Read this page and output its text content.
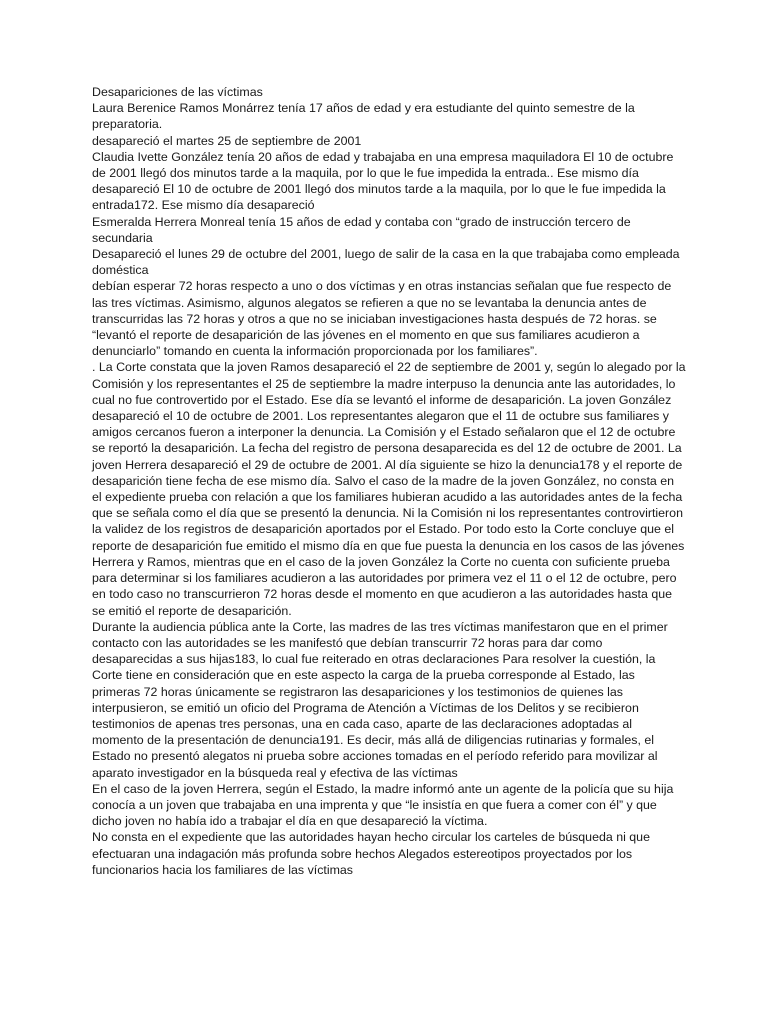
Desapariciones de las víctimas

Laura Berenice Ramos Monárrez tenía 17 años de edad y era estudiante del quinto semestre de la preparatoria.

desapareció el martes 25 de septiembre de 2001

Claudia Ivette González tenía 20 años de edad y trabajaba en una empresa maquiladora El 10 de octubre de 2001 llegó dos minutos tarde a la maquila, por lo que le fue impedida la entrada.. Ese mismo día desapareció El 10 de octubre de 2001 llegó dos minutos tarde a la maquila, por lo que le fue impedida la entrada172. Ese mismo día desapareció

Esmeralda Herrera Monreal tenía 15 años de edad y contaba con “grado de instrucción tercero de secundaria

Desapareció el lunes 29 de octubre del 2001, luego de salir de la casa en la que trabajaba como empleada doméstica

debían esperar 72 horas respecto a uno o dos víctimas y en otras instancias señalan que fue respecto de las tres víctimas. Asimismo, algunos alegatos se refieren a que no se levantaba la denuncia antes de transcurridas las 72 horas y otros a que no se iniciaban investigaciones hasta después de 72 horas. se “levantó el reporte de desaparición de las jóvenes en el momento en que sus familiares acudieron a denunciarlo” tomando en cuenta la información proporcionada por los familiares”.

. La Corte constata que la joven Ramos desapareció el 22 de septiembre de 2001 y, según lo alegado por la Comisión y los representantes el 25 de septiembre la madre interpuso la denuncia ante las autoridades, lo cual no fue controvertido por el Estado. Ese día se levantó el informe de desaparición. La joven González desapareció el 10 de octubre de 2001. Los representantes alegaron que el 11 de octubre sus familiares y amigos cercanos fueron a interponer la denuncia. La Comisión y el Estado señalaron que el 12 de octubre se reportó la desaparición. La fecha del registro de persona desaparecida es del 12 de octubre de 2001. La joven Herrera desapareció el 29 de octubre de 2001. Al día siguiente se hizo la denuncia178 y el reporte de desaparición tiene fecha de ese mismo día. Salvo el caso de la madre de la joven González, no consta en el expediente prueba con relación a que los familiares hubieran acudido a las autoridades antes de la fecha que se señala como el día que se presentó la denuncia. Ni la Comisión ni los representantes controvirtieron la validez de los registros de desaparición aportados por el Estado. Por todo esto la Corte concluye que el reporte de desaparición fue emitido el mismo día en que fue puesta la denuncia en los casos de las jóvenes Herrera y Ramos, mientras que en el caso de la joven González la Corte no cuenta con suficiente prueba para determinar si los familiares acudieron a las autoridades por primera vez el 11 o el 12 de octubre, pero en todo caso no transcurrieron 72 horas desde el momento en que acudieron a las autoridades hasta que se emitió el reporte de desaparición.

Durante la audiencia pública ante la Corte, las madres de las tres víctimas manifestaron que en el primer contacto con las autoridades se les manifestó que debían transcurrir 72 horas para dar como desaparecidas a sus hijas183, lo cual fue reiterado en otras declaraciones Para resolver la cuestión, la Corte tiene en consideración que en este aspecto la carga de la prueba corresponde al Estado, las primeras 72 horas únicamente se registraron las desapariciones y los testimonios de quienes las interpusieron, se emitió un oficio del Programa de Atención a Víctimas de los Delitos y se recibieron testimonios de apenas tres personas, una en cada caso, aparte de las declaraciones adoptadas al momento de la presentación de denuncia191. Es decir, más allá de diligencias rutinarias y formales, el Estado no presentó alegatos ni prueba sobre acciones tomadas en el período referido para movilizar al aparato investigador en la búsqueda real y efectiva de las víctimas

En el caso de la joven Herrera, según el Estado, la madre informó ante un agente de la policía que su hija conocía a un joven que trabajaba en una imprenta y que “le insistía en que fuera a comer con él” y que dicho joven no había ido a trabajar el día en que desapareció la víctima.

No consta en el expediente que las autoridades hayan hecho circular los carteles de búsqueda ni que efectuaran una indagación más profunda sobre hechos Alegados estereotipos proyectados por los funcionarios hacia los familiares de las víctimas
